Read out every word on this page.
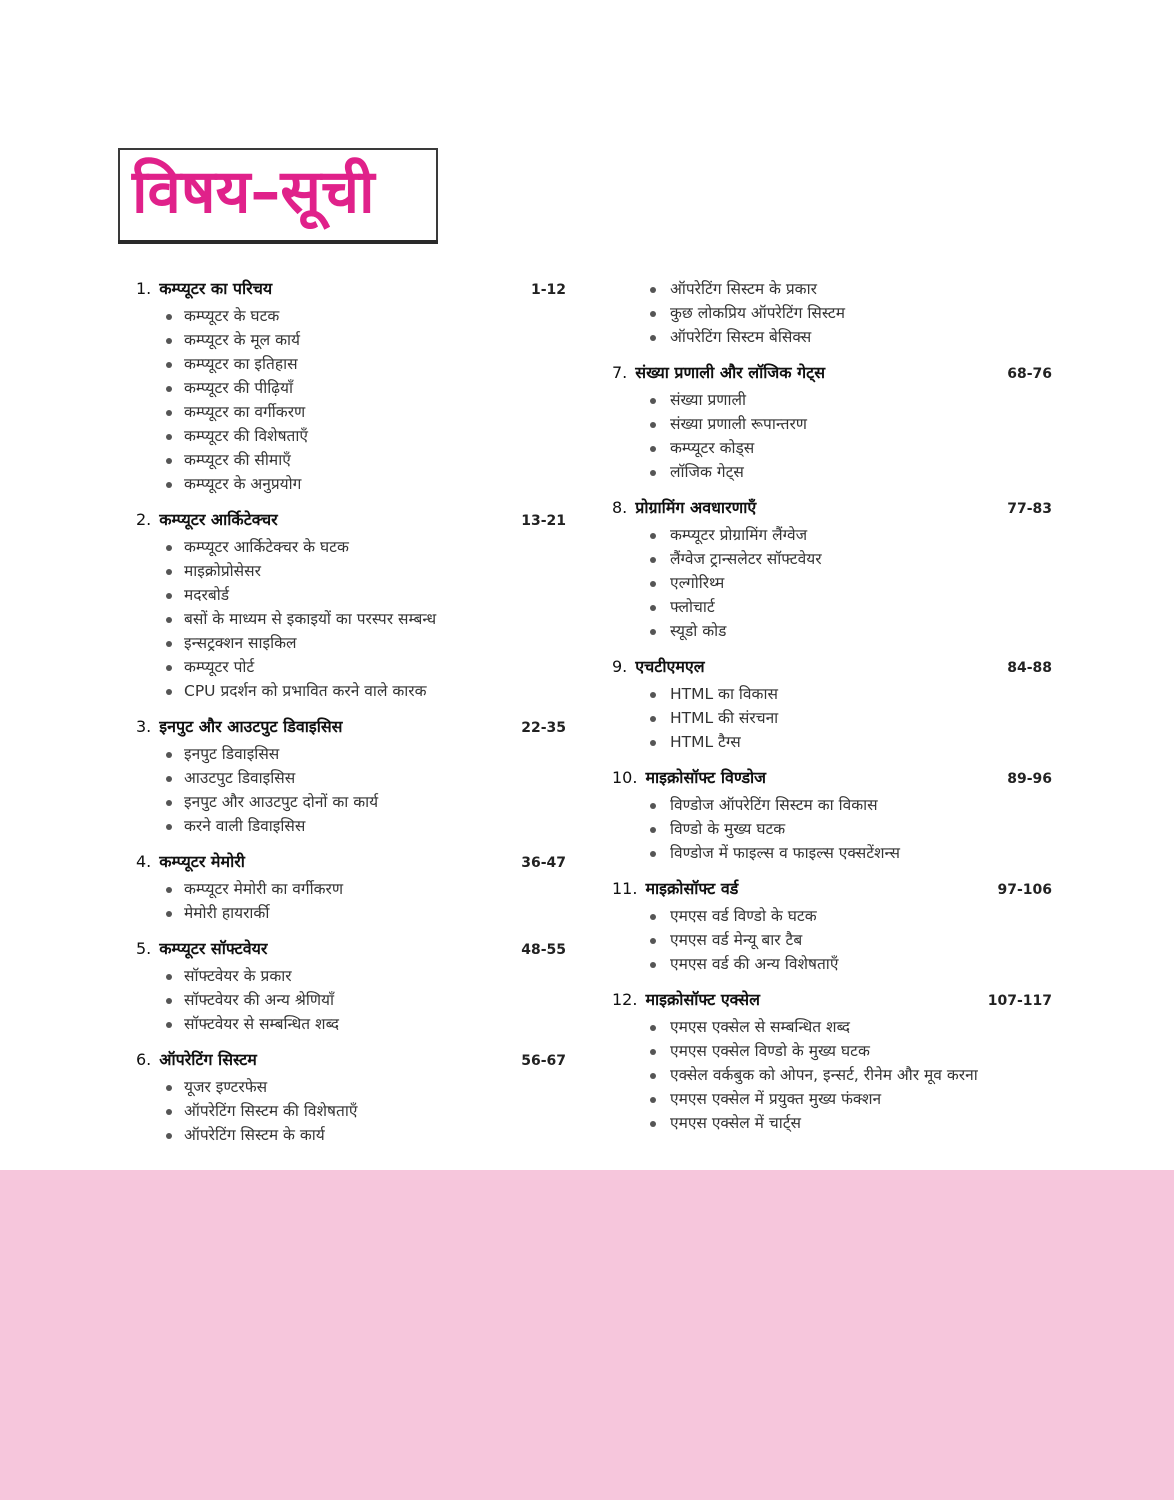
विषय–सूची
1. कम्प्यूटर का परिचय	1-12
कम्प्यूटर के घटक
कम्प्यूटर के मूल कार्य
कम्प्यूटर का इतिहास
कम्प्यूटर की पीढ़ियाँ
कम्प्यूटर का वर्गीकरण
कम्प्यूटर की विशेषताएँ
कम्प्यूटर की सीमाएँ
कम्प्यूटर के अनुप्रयोग
2. कम्प्यूटर आर्किटेक्चर	13-21
कम्प्यूटर आर्किटेक्चर के घटक
माइक्रोप्रोसेसर
मदरबोर्ड
बसों के माध्यम से इकाइयों का परस्पर सम्बन्ध
इन्सट्रक्शन साइकिल
कम्प्यूटर पोर्ट
CPU प्रदर्शन को प्रभावित करने वाले कारक
3. इनपुट और आउटपुट डिवाइसिस	22-35
इनपुट डिवाइसिस
आउटपुट डिवाइसिस
इनपुट और आउटपुट दोनों का कार्य
करने वाली डिवाइसिस
4. कम्प्यूटर मेमोरी	36-47
कम्प्यूटर मेमोरी का वर्गीकरण
मेमोरी हायरार्की
5. कम्प्यूटर सॉफ्टवेयर	48-55
सॉफ्टवेयर के प्रकार
सॉफ्टवेयर की अन्य श्रेणियाँ
सॉफ्टवेयर से सम्बन्धित शब्द
6. ऑपरेटिंग सिस्टम	56-67
यूजर इण्टरफेस
ऑपरेटिंग सिस्टम की विशेषताएँ
ऑपरेटिंग सिस्टम के कार्य
ऑपरेटिंग सिस्टम के प्रकार
कुछ लोकप्रिय ऑपरेटिंग सिस्टम
ऑपरेटिंग सिस्टम बेसिक्स
7. संख्या प्रणाली और लॉजिक गेट्स	68-76
संख्या प्रणाली
संख्या प्रणाली रूपान्तरण
कम्प्यूटर कोड्स
लॉजिक गेट्स
8. प्रोग्रामिंग अवधारणाएँ	77-83
कम्प्यूटर प्रोग्रामिंग लैंग्वेज
लैंग्वेज ट्रान्सलेटर सॉफ्टवेयर
एल्गोरिथ्म
फ्लोचार्ट
स्यूडो कोड
9. एचटीएमएल	84-88
HTML का विकास
HTML की संरचना
HTML टैग्स
10. माइक्रोसॉफ्ट विण्डोज	89-96
विण्डोज ऑपरेटिंग सिस्टम का विकास
विण्डो के मुख्य घटक
विण्डोज में फाइल्स व फाइल्स एक्सटेंशन्स
11. माइक्रोसॉफ्ट वर्ड	97-106
एमएस वर्ड विण्डो के घटक
एमएस वर्ड मेन्यू बार टैब
एमएस वर्ड की अन्य विशेषताएँ
12. माइक्रोसॉफ्ट एक्सेल	107-117
एमएस एक्सेल से सम्बन्धित शब्द
एमएस एक्सेल विण्डो के मुख्य घटक
एक्सेल वर्कबुक को ओपन, इन्सर्ट, रीनेम और मूव करना
एमएस एक्सेल में प्रयुक्त मुख्य फंक्शन
एमएस एक्सेल में चार्ट्स
